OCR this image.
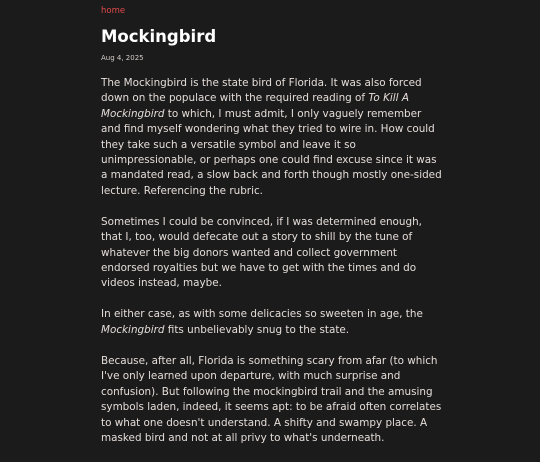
home
Mockingbird
Aug 4, 2025

The Mockingbird is the state bird of Florida. It was also forced down on the populace with the required reading of To Kill A Mockingbird to which, I must admit, I only vaguely remember and find myself wondering what they tried to wire in. How could they take such a versatile symbol and leave it so unimpressionable, or perhaps one could find excuse since it was a mandated read, a slow back and forth though mostly one-sided lecture. Referencing the rubric.

Sometimes I could be convinced, if I was determined enough, that I, too, would defecate out a story to shill by the tune of whatever the big donors wanted and collect government endorsed royalties but we have to get with the times and do videos instead, maybe.

In either case, as with some delicacies so sweeten in age, the Mockingbird fits unbelievably snug to the state.

Because, after all, Florida is something scary from afar (to which I've only learned upon departure, with much surprise and confusion). But following the mockingbird trail and the amusing symbols laden, indeed, it seems apt: to be afraid often correlates to what one doesn't understand. A shifty and swampy place. A masked bird and not at all privy to what's underneath.
